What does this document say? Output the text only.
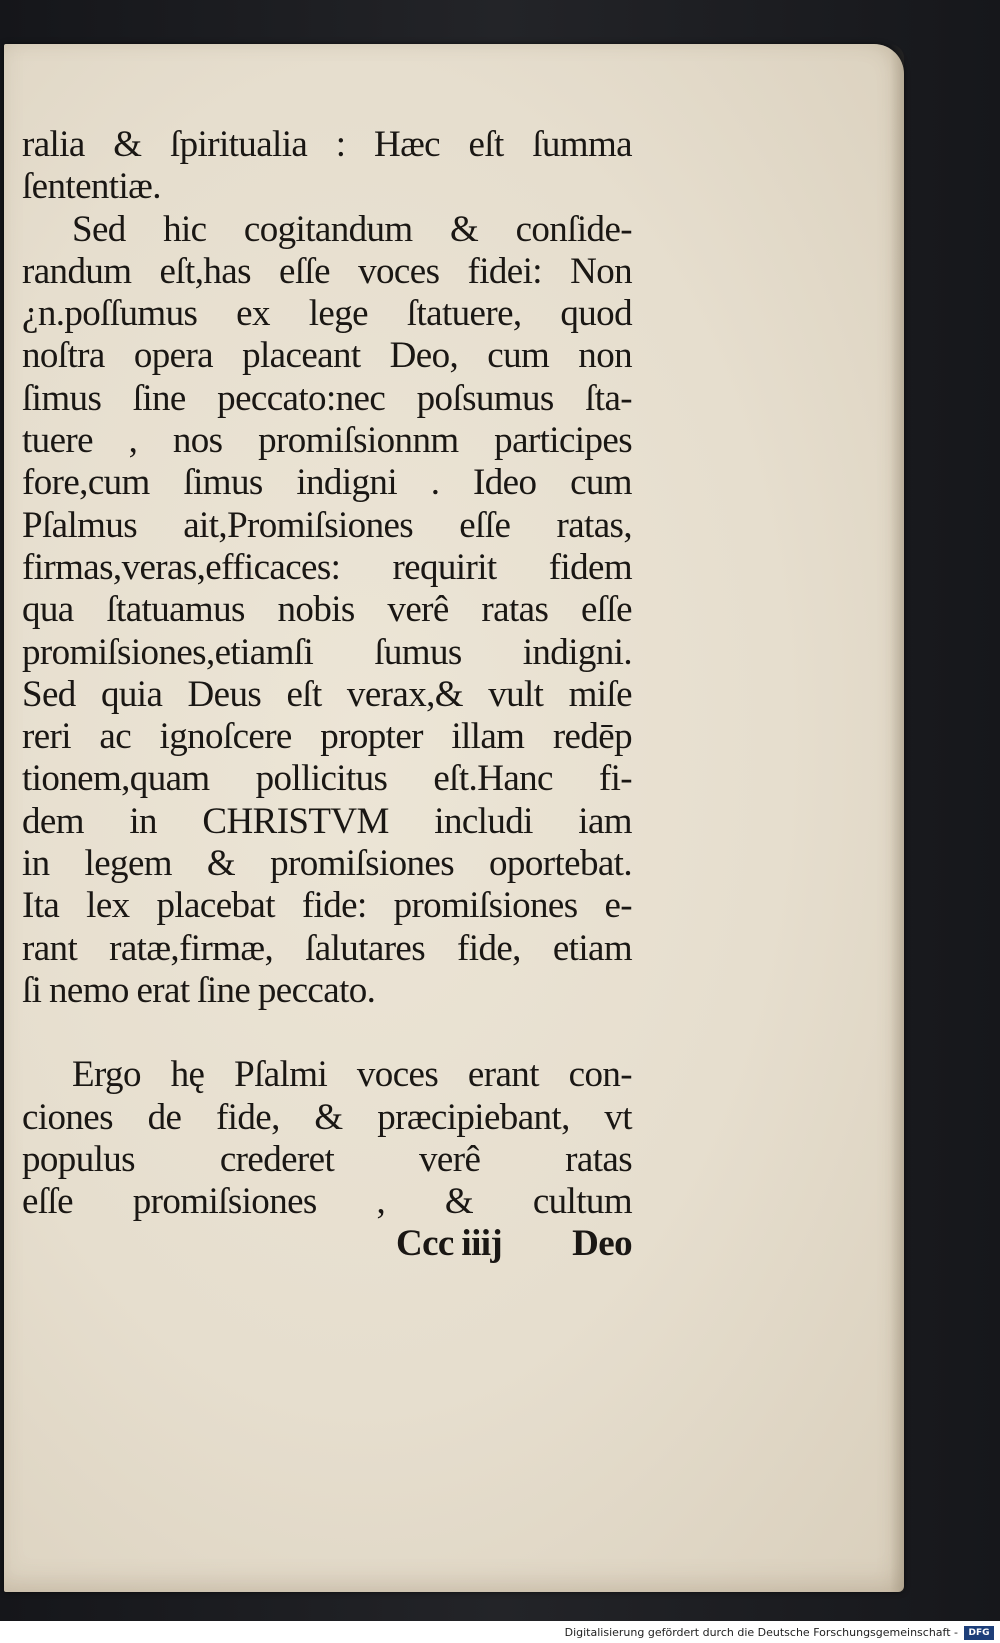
ralia & ſpiritualia : Hæc eſt ſumma
ſententiæ.
Sed hic cogitandum & conſide-
randum eſt,has eſſe voces fidei: Non
¿n.poſſumus ex lege ſtatuere, quod
noſtra opera placeant Deo, cum non
ſimus ſine peccato:nec poſsumus ſta-
tuere , nos promiſsionnm participes
fore,cum ſimus indigni . Ideo cum
Pſalmus ait,Promiſsiones eſſe ratas,
firmas,veras,efficaces: requirit fidem
qua ſtatuamus nobis verê ratas eſſe
promiſsiones,etiamſi ſumus indigni.
Sed quia Deus eſt verax,& vult miſe
reri ac ignoſcere propter illam redēp
tionem,quam pollicitus eſt.Hanc fi-
dem in CHRISTVM includi iam
in legem & promiſsiones oportebat.
Ita lex placebat fide: promiſsiones e-
rant ratæ,firmæ, ſalutares fide, etiam
ſi nemo erat ſine peccato.
Ergo hę Pſalmi voces erant con-
ciones de fide, & præcipiebant, vt
populus crederet verê ratas
eſſe promiſsiones , & cultum
Ccc iiij Deo
Digitalisierung gefördert durch die Deutsche Forschungsgemeinschaft -	DFG
